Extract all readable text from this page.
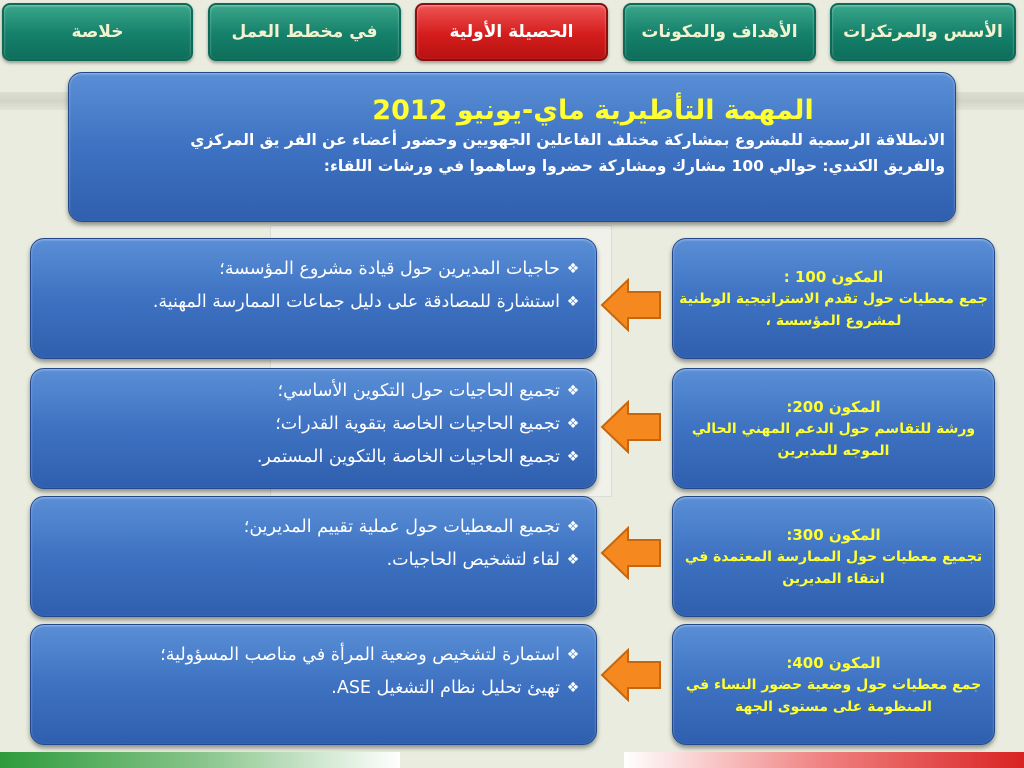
الأسس والمرتكزات
الأهداف والمكونات
الحصيلة الأولية
في مخطط العمل
خلاصة
المهمة التأطيرية ماي-يونيو 2012
الانطلاقة الرسمية للمشروع بمشاركة مختلف الفاعلين الجهويين وحضور أعضاء عن الفر يق المركزي
والفريق الكندي: حوالي 100 مشارك ومشاركة حضروا وساهموا في ورشات اللقاء:
المكون 100 :
جمع معطيات حول تقدم الاستراتيجية الوطنية لمشروع المؤسسة ،
❖
حاجيات المديرين حول قيادة مشروع المؤسسة؛
❖
استشارة للمصادقة على دليل جماعات الممارسة المهنية.
المكون 200:
ورشة للتقاسم حول الدعم المهني الحالي الموجه للمديرين
❖
تجميع الحاجيات حول التكوين الأساسي؛
❖
تجميع الحاجيات الخاصة بتقوية القدرات؛
❖
تجميع الحاجيات الخاصة بالتكوين المستمر.
المكون 300:
تجميع معطيات حول الممارسة المعتمدة في انتقاء المديرين
❖
تجميع المعطيات حول عملية تقييم المديرين؛
❖
لقاء لتشخيص الحاجيات.
المكون 400:
جمع معطيات حول وضعية حضور النساء في المنظومة على مستوى الجهة
❖
استمارة لتشخيص وضعية المرأة في مناصب المسؤولية؛
❖
تهيئ تحليل نظام التشغيل ASE.
